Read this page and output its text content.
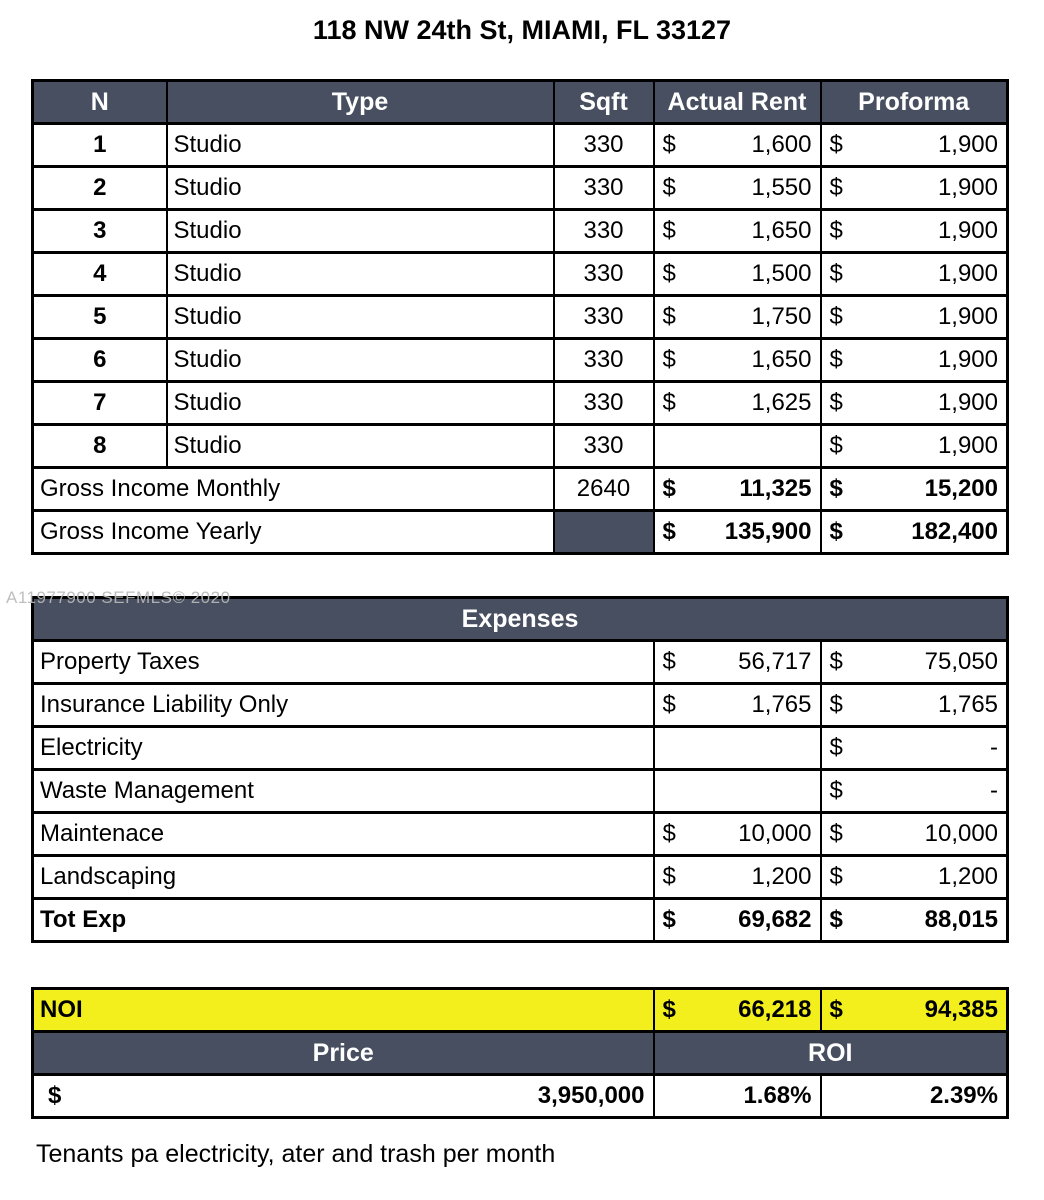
118 NW 24th St, MIAMI, FL 33127
N	Type	Sqft	Actual Rent	Proforma
1	Studio	330	$ 1,600	$ 1,900

2	Studio	330	$ 1,550	$ 1,900

3	Studio	330	$ 1,650	$ 1,900

4	Studio	330	$ 1,500	$ 1,900

5	Studio	330	$ 1,750	$ 1,900

6	Studio	330	$ 1,650	$ 1,900

7	Studio	330	$ 1,625	$ 1,900

8	Studio	330		$ 1,900

Gross Income Monthly		2640	$ 11,325	$ 15,200

Gross Income Yearly			$ 135,900	$ 182,400
A11977900 SEFMLS© 2020
Expenses		
Property Taxes	$ 56,717	$ 75,050

Insurance Liability Only	$ 1,765	$ 1,765

Electricity		$ -

Waste Management		$ -

Maintenace	$ 10,000	$ 10,000

Landscaping	$ 1,200	$ 1,200

Tot Exp	$ 69,682	$ 88,015
NOI	$ 66,218	$ 94,385

Price	ROI	

$ 3,950,000	1.68%	2.39%
Tenants pa electricity, ater and trash per month
